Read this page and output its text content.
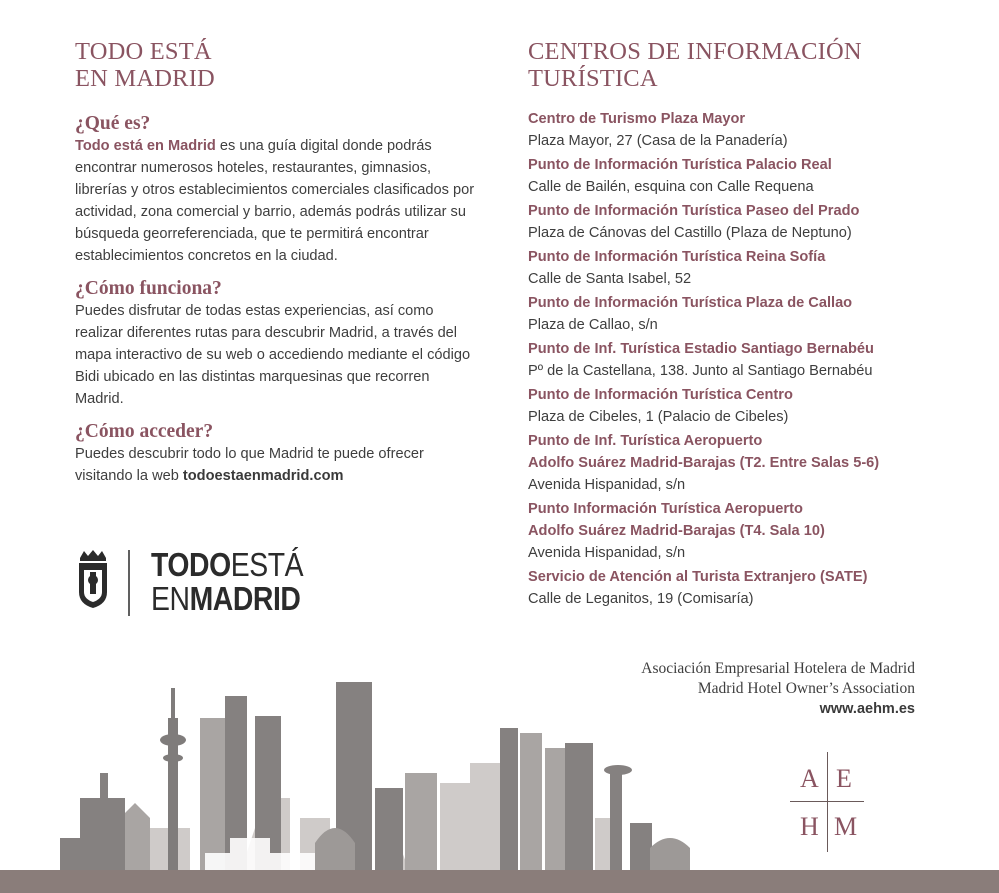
TODO ESTÁ
EN MADRID
¿Qué es?
Todo está en Madrid es una guía digital donde podrás encontrar numerosos hoteles, restaurantes, gimnasios, librerías y otros establecimientos comerciales clasificados por actividad, zona comercial y barrio, además podrás utilizar su búsqueda georreferenciada, que te permitirá encontrar establecimientos concretos en la ciudad.
¿Cómo funciona?
Puedes disfrutar de todas estas experiencias, así como realizar diferentes rutas para descubrir Madrid, a través del mapa interactivo de su web o accediendo mediante el código Bidi ubicado en las distintas marquesinas que recorren Madrid.
¿Cómo acceder?
Puedes descubrir todo lo que Madrid te puede ofrecer visitando la web todoestaenmadrid.com
TODOESTÁ
ENMADRID
CENTROS DE INFORMACIÓN
TURÍSTICA
Centro de Turismo Plaza Mayor
Plaza Mayor, 27 (Casa de la Panadería)
Punto de Información Turística Palacio Real
Calle de Bailén, esquina con Calle Requena
Punto de Información Turística Paseo del Prado
Plaza de Cánovas del Castillo (Plaza de Neptuno)
Punto de Información Turística Reina Sofía
Calle de Santa Isabel, 52
Punto de Información Turística Plaza de Callao
Plaza de Callao, s/n
Punto de Inf. Turística Estadio Santiago Bernabéu
Pº de la Castellana, 138. Junto al Santiago Bernabéu
Punto de Información Turística Centro
Plaza de Cibeles, 1 (Palacio de Cibeles)
Punto de Inf. Turística Aeropuerto
Adolfo Suárez Madrid-Barajas (T2. Entre Salas 5-6)
Avenida Hispanidad, s/n
Punto Información Turística Aeropuerto
Adolfo Suárez Madrid-Barajas (T4. Sala 10)
Avenida Hispanidad, s/n
Servicio de Atención al Turista Extranjero (SATE)
Calle de Leganitos, 19 (Comisaría)
Asociación Empresarial Hotelera de Madrid
Madrid Hotel Owner’s Association
www.aehm.es
A E
H M
